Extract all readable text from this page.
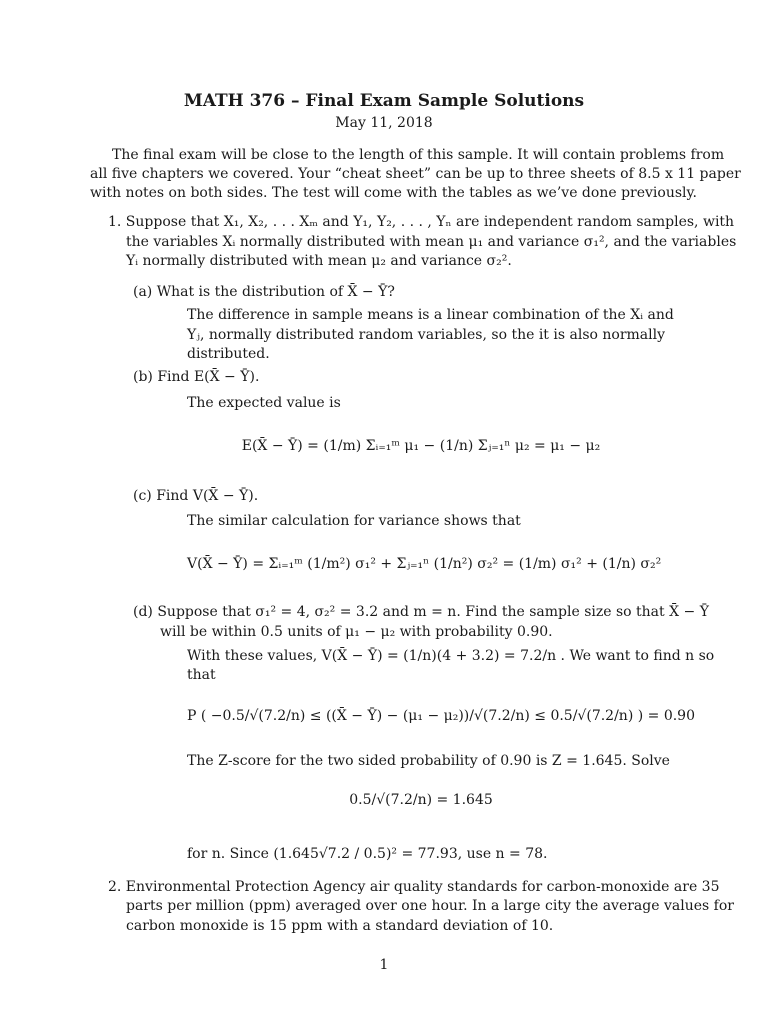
MATH 376 – Final Exam Sample Solutions
May 11, 2018
The final exam will be close to the length of this sample. It will contain problems from
all five chapters we covered. Your “cheat sheet” can be up to three sheets of 8.5 x 11 paper
with notes on both sides. The test will come with the tables as we’ve done previously.
1. Suppose that X₁, X₂, . . . Xₘ and Y₁, Y₂, . . . , Yₙ are independent random samples, with
the variables Xᵢ normally distributed with mean μ₁ and variance σ₁², and the variables
Yᵢ normally distributed with mean μ₂ and variance σ₂².
(a) What is the distribution of X̄ − Ȳ?
The difference in sample means is a linear combination of the Xᵢ and
Yⱼ, normally distributed random variables, so the it is also normally
distributed.
(b) Find E(X̄ − Ȳ).
The expected value is
E(X̄ − Ȳ) = (1/m) Σᵢ₌₁ᵐ μ₁ − (1/n) Σⱼ₌₁ⁿ μ₂ = μ₁ − μ₂
(c) Find V(X̄ − Ȳ).
The similar calculation for variance shows that
V(X̄ − Ȳ) = Σᵢ₌₁ᵐ (1/m²) σ₁² + Σⱼ₌₁ⁿ (1/n²) σ₂² = (1/m) σ₁² + (1/n) σ₂²
(d) Suppose that σ₁² = 4, σ₂² = 3.2 and m = n. Find the sample size so that X̄ − Ȳ
will be within 0.5 units of μ₁ − μ₂ with probability 0.90.
With these values, V(X̄ − Ȳ) = (1/n)(4 + 3.2) = 7.2/n . We want to find n so
that
P ( −0.5/√(7.2/n) ≤ ((X̄ − Ȳ) − (μ₁ − μ₂))/√(7.2/n) ≤ 0.5/√(7.2/n) ) = 0.90
The Z-score for the two sided probability of 0.90 is Z = 1.645. Solve
0.5/√(7.2/n) = 1.645
for n. Since (1.645√7.2 / 0.5)² = 77.93, use n = 78.
2. Environmental Protection Agency air quality standards for carbon-monoxide are 35
parts per million (ppm) averaged over one hour. In a large city the average values for
carbon monoxide is 15 ppm with a standard deviation of 10.
1
